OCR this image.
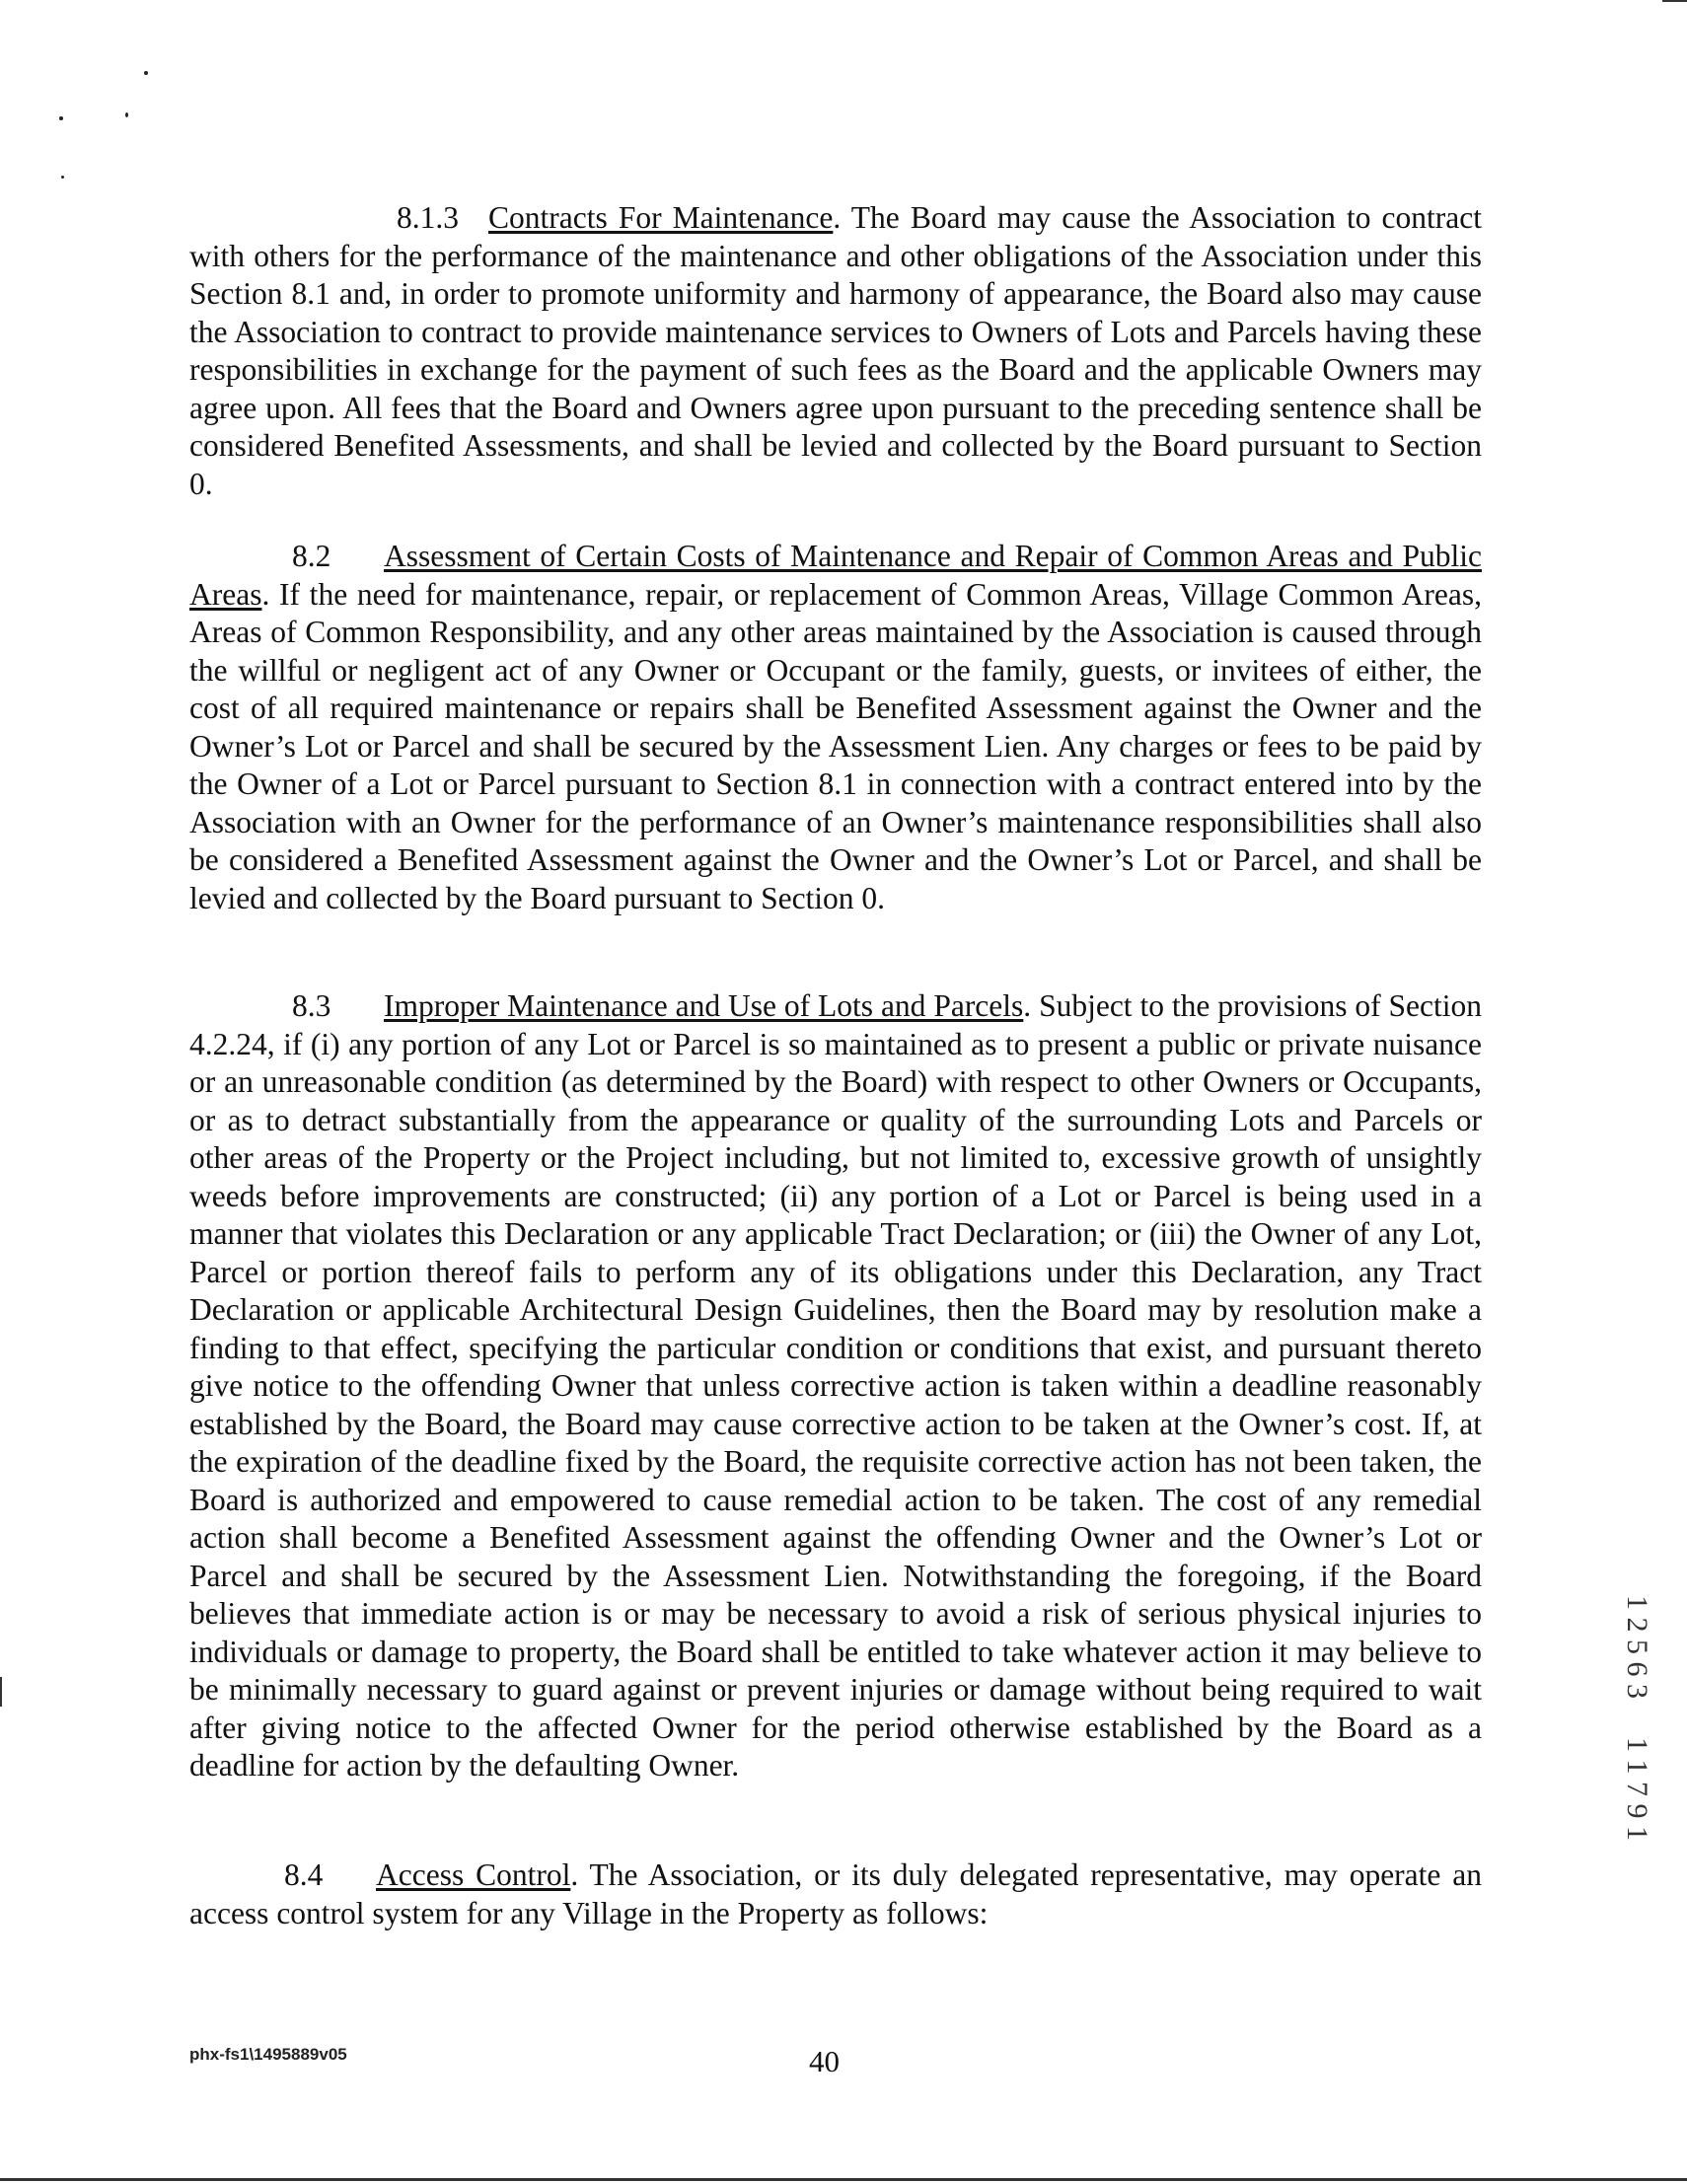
8.1.3 Contracts For Maintenance. The Board may cause the Association to contract with others for the performance of the maintenance and other obligations of the Association under this Section 8.1 and, in order to promote uniformity and harmony of appearance, the Board also may cause the Association to contract to provide maintenance services to Owners of Lots and Parcels having these responsibilities in exchange for the payment of such fees as the Board and the applicable Owners may agree upon. All fees that the Board and Owners agree upon pursuant to the preceding sentence shall be considered Benefited Assessments, and shall be levied and collected by the Board pursuant to Section 0.

8.2 Assessment of Certain Costs of Maintenance and Repair of Common Areas and Public Areas. If the need for maintenance, repair, or replacement of Common Areas, Village Common Areas, Areas of Common Responsibility, and any other areas maintained by the Association is caused through the willful or negligent act of any Owner or Occupant or the family, guests, or invitees of either, the cost of all required maintenance or repairs shall be Benefited Assessment against the Owner and the Owner’s Lot or Parcel and shall be secured by the Assessment Lien. Any charges or fees to be paid by the Owner of a Lot or Parcel pursuant to Section 8.1 in connection with a contract entered into by the Association with an Owner for the performance of an Owner’s maintenance responsibilities shall also be considered a Benefited Assessment against the Owner and the Owner’s Lot or Parcel, and shall be levied and collected by the Board pursuant to Section 0.

8.3 Improper Maintenance and Use of Lots and Parcels. Subject to the provisions of Section 4.2.24, if (i) any portion of any Lot or Parcel is so maintained as to present a public or private nuisance or an unreasonable condition (as determined by the Board) with respect to other Owners or Occupants, or as to detract substantially from the appearance or quality of the surrounding Lots and Parcels or other areas of the Property or the Project including, but not limited to, excessive growth of unsightly weeds before improvements are constructed; (ii) any portion of a Lot or Parcel is being used in a manner that violates this Declaration or any applicable Tract Declaration; or (iii) the Owner of any Lot, Parcel or portion thereof fails to perform any of its obligations under this Declaration, any Tract Declaration or applicable Architectural Design Guidelines, then the Board may by resolution make a finding to that effect, specifying the particular condition or conditions that exist, and pursuant thereto give notice to the offending Owner that unless corrective action is taken within a deadline reasonably established by the Board, the Board may cause corrective action to be taken at the Owner’s cost. If, at the expiration of the deadline fixed by the Board, the requisite corrective action has not been taken, the Board is authorized and empowered to cause remedial action to be taken. The cost of any remedial action shall become a Benefited Assessment against the offending Owner and the Owner’s Lot or Parcel and shall be secured by the Assessment Lien. Notwithstanding the foregoing, if the Board believes that immediate action is or may be necessary to avoid a risk of serious physical injuries to individuals or damage to property, the Board shall be entitled to take whatever action it may believe to be minimally necessary to guard against or prevent injuries or damage without being required to wait after giving notice to the affected Owner for the period otherwise established by the Board as a deadline for action by the defaulting Owner.

8.4 Access Control. The Association, or its duly delegated representative, may operate an access control system for any Village in the Property as follows:

phx-fs1\1495889v05	40
1 2 5 6 3
1 1 7 9 1
